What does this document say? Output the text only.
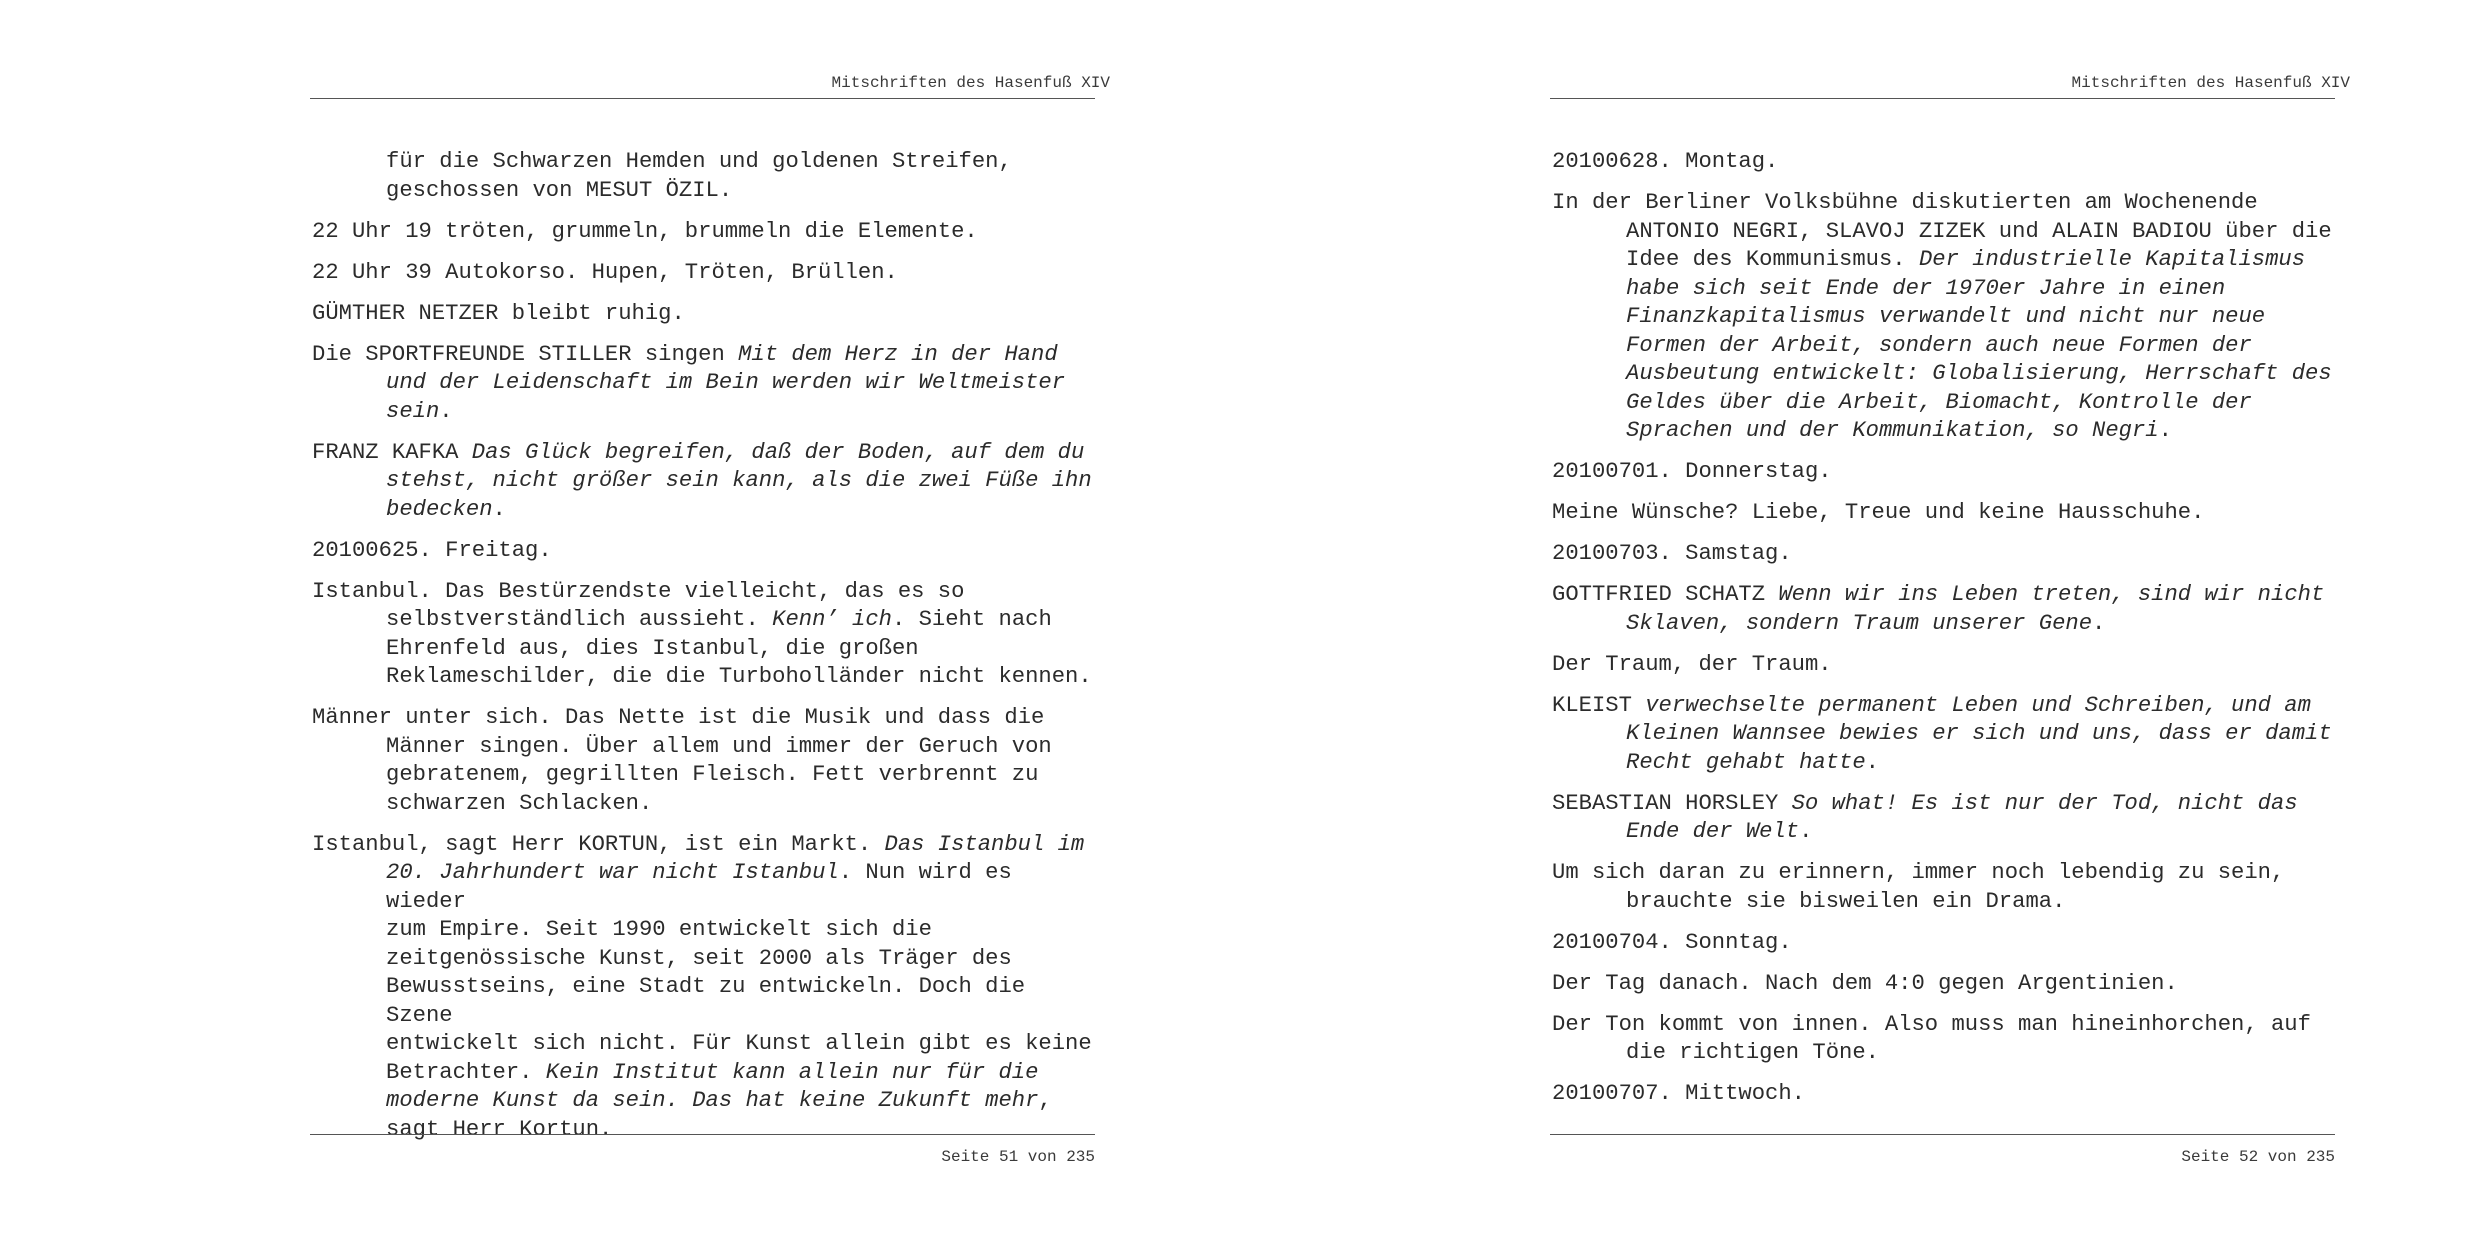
Mitschriften des Hasenfuß XIV

für die Schwarzen Hemden und goldenen Streifen,
geschossen von MESUT ÖZIL.

22 Uhr 19 tröten, grummeln, brummeln die Elemente.

22 Uhr 39 Autokorso. Hupen, Tröten, Brüllen.

GÜMTHER NETZER bleibt ruhig.

Die SPORTFREUNDE STILLER singen Mit dem Herz in der Hand
und der Leidenschaft im Bein werden wir Weltmeister
sein.

FRANZ KAFKA Das Glück begreifen, daß der Boden, auf dem du
stehst, nicht größer sein kann, als die zwei Füße ihn
bedecken.

20100625. Freitag.

Istanbul. Das Bestürzendste vielleicht, das es so
selbstverständlich aussieht. Kenn’ ich. Sieht nach
Ehrenfeld aus, dies Istanbul, die großen
Reklameschilder, die die Turboholländer nicht kennen.

Männer unter sich. Das Nette ist die Musik und dass die
Männer singen. Über allem und immer der Geruch von
gebratenem, gegrillten Fleisch. Fett verbrennt zu
schwarzen Schlacken.

Istanbul, sagt Herr KORTUN, ist ein Markt. Das Istanbul im
20. Jahrhundert war nicht Istanbul. Nun wird es wieder
zum Empire. Seit 1990 entwickelt sich die
zeitgenössische Kunst, seit 2000 als Träger des
Bewusstseins, eine Stadt zu entwickeln. Doch die Szene
entwickelt sich nicht. Für Kunst allein gibt es keine
Betrachter. Kein Institut kann allein nur für die
moderne Kunst da sein. Das hat keine Zukunft mehr,
sagt Herr Kortun.

Seite 51 von 235
Mitschriften des Hasenfuß XIV

20100628. Montag.

In der Berliner Volksbühne diskutierten am Wochenende
ANTONIO NEGRI, SLAVOJ ZIZEK und ALAIN BADIOU über die
Idee des Kommunismus. Der industrielle Kapitalismus
habe sich seit Ende der 1970er Jahre in einen
Finanzkapitalismus verwandelt und nicht nur neue
Formen der Arbeit, sondern auch neue Formen der
Ausbeutung entwickelt: Globalisierung, Herrschaft des
Geldes über die Arbeit, Biomacht, Kontrolle der
Sprachen und der Kommunikation, so Negri.

20100701. Donnerstag.

Meine Wünsche? Liebe, Treue und keine Hausschuhe.

20100703. Samstag.

GOTTFRIED SCHATZ Wenn wir ins Leben treten, sind wir nicht
Sklaven, sondern Traum unserer Gene.

Der Traum, der Traum.

KLEIST verwechselte permanent Leben und Schreiben, und am
Kleinen Wannsee bewies er sich und uns, dass er damit
Recht gehabt hatte.

SEBASTIAN HORSLEY So what! Es ist nur der Tod, nicht das
Ende der Welt.

Um sich daran zu erinnern, immer noch lebendig zu sein,
brauchte sie bisweilen ein Drama.

20100704. Sonntag.

Der Tag danach. Nach dem 4:0 gegen Argentinien.

Der Ton kommt von innen. Also muss man hineinhorchen, auf
die richtigen Töne.

20100707. Mittwoch.

Seite 52 von 235
